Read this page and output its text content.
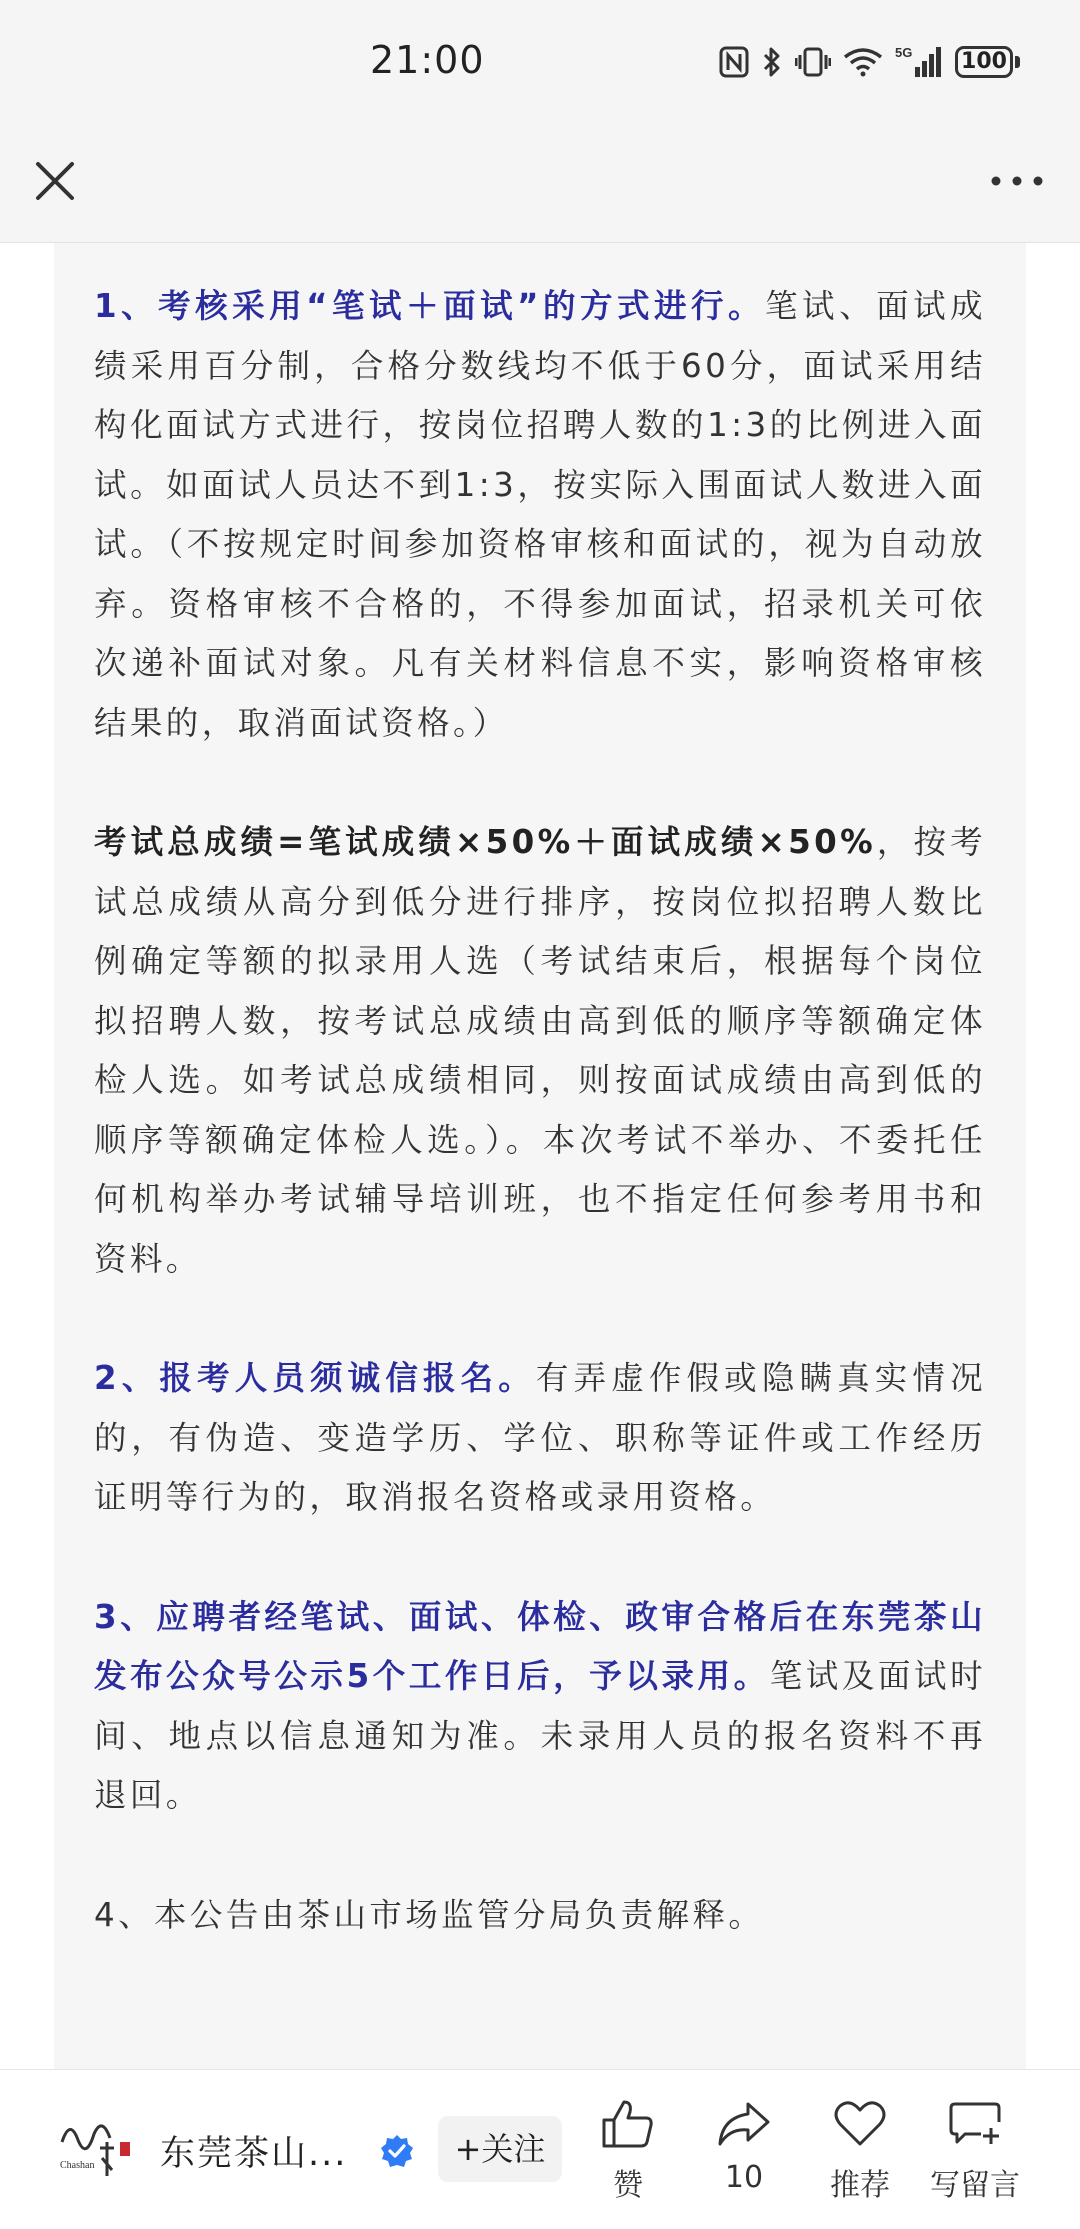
21:00	5G 100

1、考核采用“笔试＋面试”的方式进行。笔试、面试成绩采用百分制，合格分数线均不低于60分，面试采用结构化面试方式进行，按岗位招聘人数的1:3的比例进入面试。如面试人员达不到1:3，按实际入围面试人数进入面试。（不按规定时间参加资格审核和面试的，视为自动放弃。资格审核不合格的，不得参加面试，招录机关可依次递补面试对象。凡有关材料信息不实，影响资格审核结果的，取消面试资格。）

考试总成绩=笔试成绩×50%＋面试成绩×50%，按考试总成绩从高分到低分进行排序，按岗位拟招聘人数比例确定等额的拟录用人选（考试结束后，根据每个岗位拟招聘人数，按考试总成绩由高到低的顺序等额确定体检人选。如考试总成绩相同，则按面试成绩由高到低的顺序等额确定体检人选。）。本次考试不举办、不委托任何机构举办考试辅导培训班，也不指定任何参考用书和资料。

2、报考人员须诚信报名。有弄虚作假或隐瞒真实情况的，有伪造、变造学历、学位、职称等证件或工作经历证明等行为的，取消报名资格或录用资格。

3、应聘者经笔试、面试、体检、政审合格后在东莞茶山发布公众号公示5个工作日后，予以录用。笔试及面试时间、地点以信息通知为准。未录用人员的报名资料不再退回。

4、本公告由茶山市场监管分局负责解释。

Chashan 东莞茶山...	+关注
赞	10	推荐	写留言
